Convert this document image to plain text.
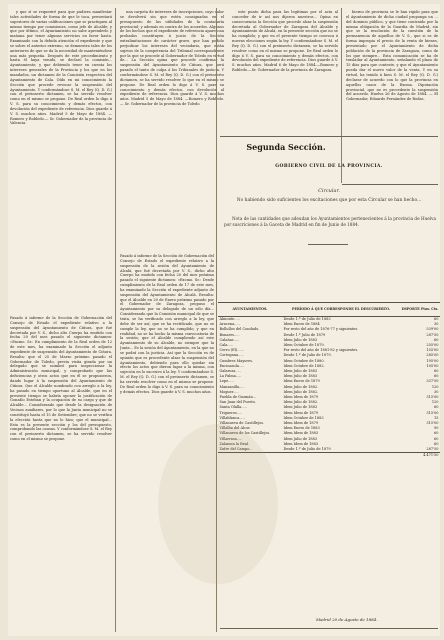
y que sí se requeriré para que pudiera manifestar tales actividades de forma de que le toca, presentará superiores de varias calificaciones que se practiquen al mismo tiempo por comisiones, como jefe de Alcalde; y que por último, el Ayuntamiento no sabe aprenderlo y mañana por tener algunas servicios en favor hasta. Examinado con la debida atención el expediente y que se sobre el anterior extremo, se demuestra tales de los anteriores de que se da la necesidad de manteniéndose una más pequeña. Después de este procedimiento y hasta él haya venido, se declaró la comisión... Ayuntamiento; y que debiendo tener en cuenta los intereses generales de la Provincia y los que en los mandados, un dictamen de la Comisión respectiva del Ayuntamiento de Cala. Oído en mi conocimiento la Sección que procede revocar la suspensión del Ayuntamiento. Y conformándose S. M. el Rey (Q. D. G.) con el preinserto dictamen, se ha servido resolver como en el mismo se propone. De Real orden lo digo á V. S. para su conocimiento y demás efectos, con devolución del expediente de referencia. Dios guarde á V. S. muchos años. Madrid 5 de Mayo de 1884. —Romero y Robledo.— Sr. Gobernador de la provincia de Valencia.

Pasado á informe de la Sección de Gobernación del Consejo de Estado el expediente relativo a la suspensión del Ayuntamiento de Ciñura, que fué decretada por V. S., dicho alto Cuerpo ha emitido con fecha 20 del mes pasado el siguiente dictamen: «Excmo. Sr.: En cumplimiento de la Real orden de 12 de este mes, ha examinado la Sección el adjunto expediente de suspensión del Ayuntamiento de Ciñura. Resulta: que el 25 de Marzo próximo pasado el Gobernador de Toledo, previa visita girada por un delegado que se nombró para inspeccionar la Administración municipal, y comprobado que las deficiencias y otros actos que en él se propusieron, dando lugar á la suspensión del Ayuntamiento de Ciñura. Que el Alcalde nombrado con arreglo a la ley, ha pasado en tiempo oportuno al Alcalde, que en el presente tiempo se habría oponer la justificación de Gonzálo Esteban y la ocupación de su cargo y que de Alcalde... Considerando que desde la designación de Vecinos auxiliares, por lo que la Junta municipal no se constituyó hasta el 15 de Setiembre; que no se verifica la elección hasta que no lo hizo; que el municipal... Esta es la presente sección y los del presupuesto, comprobando las causas. Y conformándose S. M. el Rey con el preinserto dictamen, se ha servido resolver como en el mismo se propone.

una carpeta de intereses de inscripciones, cuyo valor se devolverá sin que estén consignadas en el presupuesto de las utilidades de la contaduría provincial; y además en contra de los acuerdos. Algunos de los hechos que el expediente de referencia aparezcan probados constituyen á juicio de la Sección extralimitaciones de carácter grave, que han podido perjudicar los intereses del vecindario, que están sujetos de la competencia del Tribunal correspondiente por la que se procede al Gobernador de Toledo en virtud de... La Sección opina que procede confirmar la suspensión del Ayuntamiento de Ciñura, que será pasado el tanto de culpa á los Tribunales de justicia. Y conformándose S. M. el Rey (Q. D. G.) con el preinserto dictamen, se ha servido resolver lo que en el mismo se propone. De Real orden lo digo á V. S. para su conocimiento y demás efectos, con devolución al expediente de referencia. Dios guarde á V. S. muchos años. Madrid 5 de Mayo de 1884. —Romero y Robledo.— Sr. Gobernador de la provincia de Toledo.

Pasado á informe de la Sección de Gobernación del Consejo de Estado el expediente relativo a la suspensión de la sesión del Ayuntamiento de Alcalá, que fué decretada por V. S., dicho alto Cuerpo ha emitido con fecha 20 del mes próximo pasado el siguiente dictamen: «Excmo. Sr.: Desde cumplimiento de la Real orden de 17 de este mes, ha examinado la Sección el expediente adjunto de suspensión del Ayuntamiento de Alcalá. Resulta: que el Alcalde en 20 de Enero próximo pasado por el Gobernador de Zaragoza, propuso el Ayuntamiento por su delegado de un sólo día... Considerando que la Comisión municipal de que se trata, se ha verificado con arreglo a la ley, que debe de ser así; que se ha rectificado, que no se cumple la ley, que no se ha cumplido; y que en realidad, no se ha hecho la misma convocatoria de la sesión; que el Alcalde cumpliendo así este Ayuntamiento de su Alcalde, no siempre que la Junta... Es la sesión del Ayuntamiento, en la que no se podrá con la justicia. Así que la Sección es de opinión que es procedente alzar la suspensión del Ayuntamiento, debiendo para ello quedar sin efecto los actos que dieron lugar a la misma, con sujeción en lo sucesivo á la ley. Y conformándose S. M. el Rey (Q. D. G.) con el preinserto dictamen, se ha servido resolver como en el mismo se propone. De Real orden lo digo á V. S. para su conocimiento y demás efectos. Dios guarde á V. S. muchos años.

este punto dicha para las legítimas por el acta al conceder de ir así nos dijeron nuestros... Opina en consecuencia la Sección que procede alzar la suspensión decretada al Gobernador de Zaragoza del Alcalde y Ayuntamiento de Alcalá, en la presente sección que no se ha cumplido; y que en el presente tiempo se convoca á nuevas elecciones según la ley. Y conformándose S. M. el Rey (Q. D. G.) con el preinserto dictamen, se ha servido resolver como en el mismo se propone. De Real orden lo digo á V. S. para su conocimiento y demás efectos, con devolución del expediente de referencia. Dios guarde á V. S. muchos años. Madrid 6 de Mayo de 1884.—Romero y Robledo.—Sr. Gobernador de la provincia de Zaragoza.

bierno de provincia se le han rigido para que el Ayuntamiento de dicha ciudad proponga un ... del dominio público, y que tiene contraído por la misma obligación de la Guardia de Madrid, sin que se la resolución de la cuestión de la permanencia de aquellos de V. S., que si es de forma impropia el precio de la venta de bienes, presentado por el Ayuntamiento de dicha población de la provincia de Zaragoza, como de los que siempre... Esta comunicación se ha de trasladar al Ayuntamiento, señalando el plazo de 15 días para que conteste, y que el Ayuntamiento pueda dar el nuevo valor de la venta. Y en su virtud, ha tenido á bien S. M. el Rey (Q. D. G.) declarar de acuerdo con lo que la provincia en aquellos casos de la Excma. Diputación provincial, que no es procedente la suspensión del acuerdo. Huelva 26 de Agosto de 1884. — El Gobernador, Eduardo Fernández de Rodas.

Segunda Sección.
GOBIERNO CIVIL DE LA PROVINCIA.
Circular.
No habiendo sido suficientes los excitaciones que por esta Circular se han hecho...
Nota de las cantidades que adeudan los Ayuntamientos pertenecientes á la provincia de Huelva por suscriciones á la Gaceta de Madrid en fin de Junio de 1884.
AYUNTAMIENTOS.	PERÍODO Á QUE CORRESPONDE EL DESCUBIERTO.	IMPORTE Ptas. Cts.
Almonte.....	Desde 1.º de Julio de 1883	60
Aracena.....	Idem Enero de 1884	30
Bollullos del Condado.	Por resto del año de 1876-77 y siguientes.	539'00
Bonares.....	Desde 1.º Julio de 1879	287'50
Calañas.....	Idem Julio de 1883	60
Cala.....	Idem Octubre de 1879.	255'00
Cerro (El)......	Por resto del año de 1881-82 y siguientes.	155'00
Cortegana.....	Desde 1.º de Julio de 1879.	285'00
Cumbres Mayores.	Idem Octubre de 1880.	195'00
Encinasola.....	Idem Octubre de 1882.	105'00
Galaroza.....	Idem Julio de 1883	60
La Palma.....	Idem Julio de 1883	60
Lepe.....	Idem Enero de 1879	337'50
Manzanilla.....	Idem Julio de 1882.	120
Moguer.....	Idem Julio de 1882.	30
Puebla de Guzmán...	Idem Idem de 1879	315'00
San Juan del Puerto.	Idem Julio de 1882.	120
Santa Olalla.....	Idem Julio de 1883	60
Trigueros.....	Idem Idem de 1879	315'00
Villablanca.....	Idem Octubre de 1883	15
Villanueva de Castillejos.	Idem Idem de 1879	315'00
Villalba del Alcor.	Idem Enero de 1883	90
Villanueva de los Castillejos.	Idem Idem de 1883	60
Villarrasa.....	Idem Julio de 1883	60
Zalamea la Real.	Idem Idem de 1883	60
Zufre del Campo...	Desde 1.º de Julio de 1879	287'50
		4.471'50
Madrid 20 de Agosto de 1884.
